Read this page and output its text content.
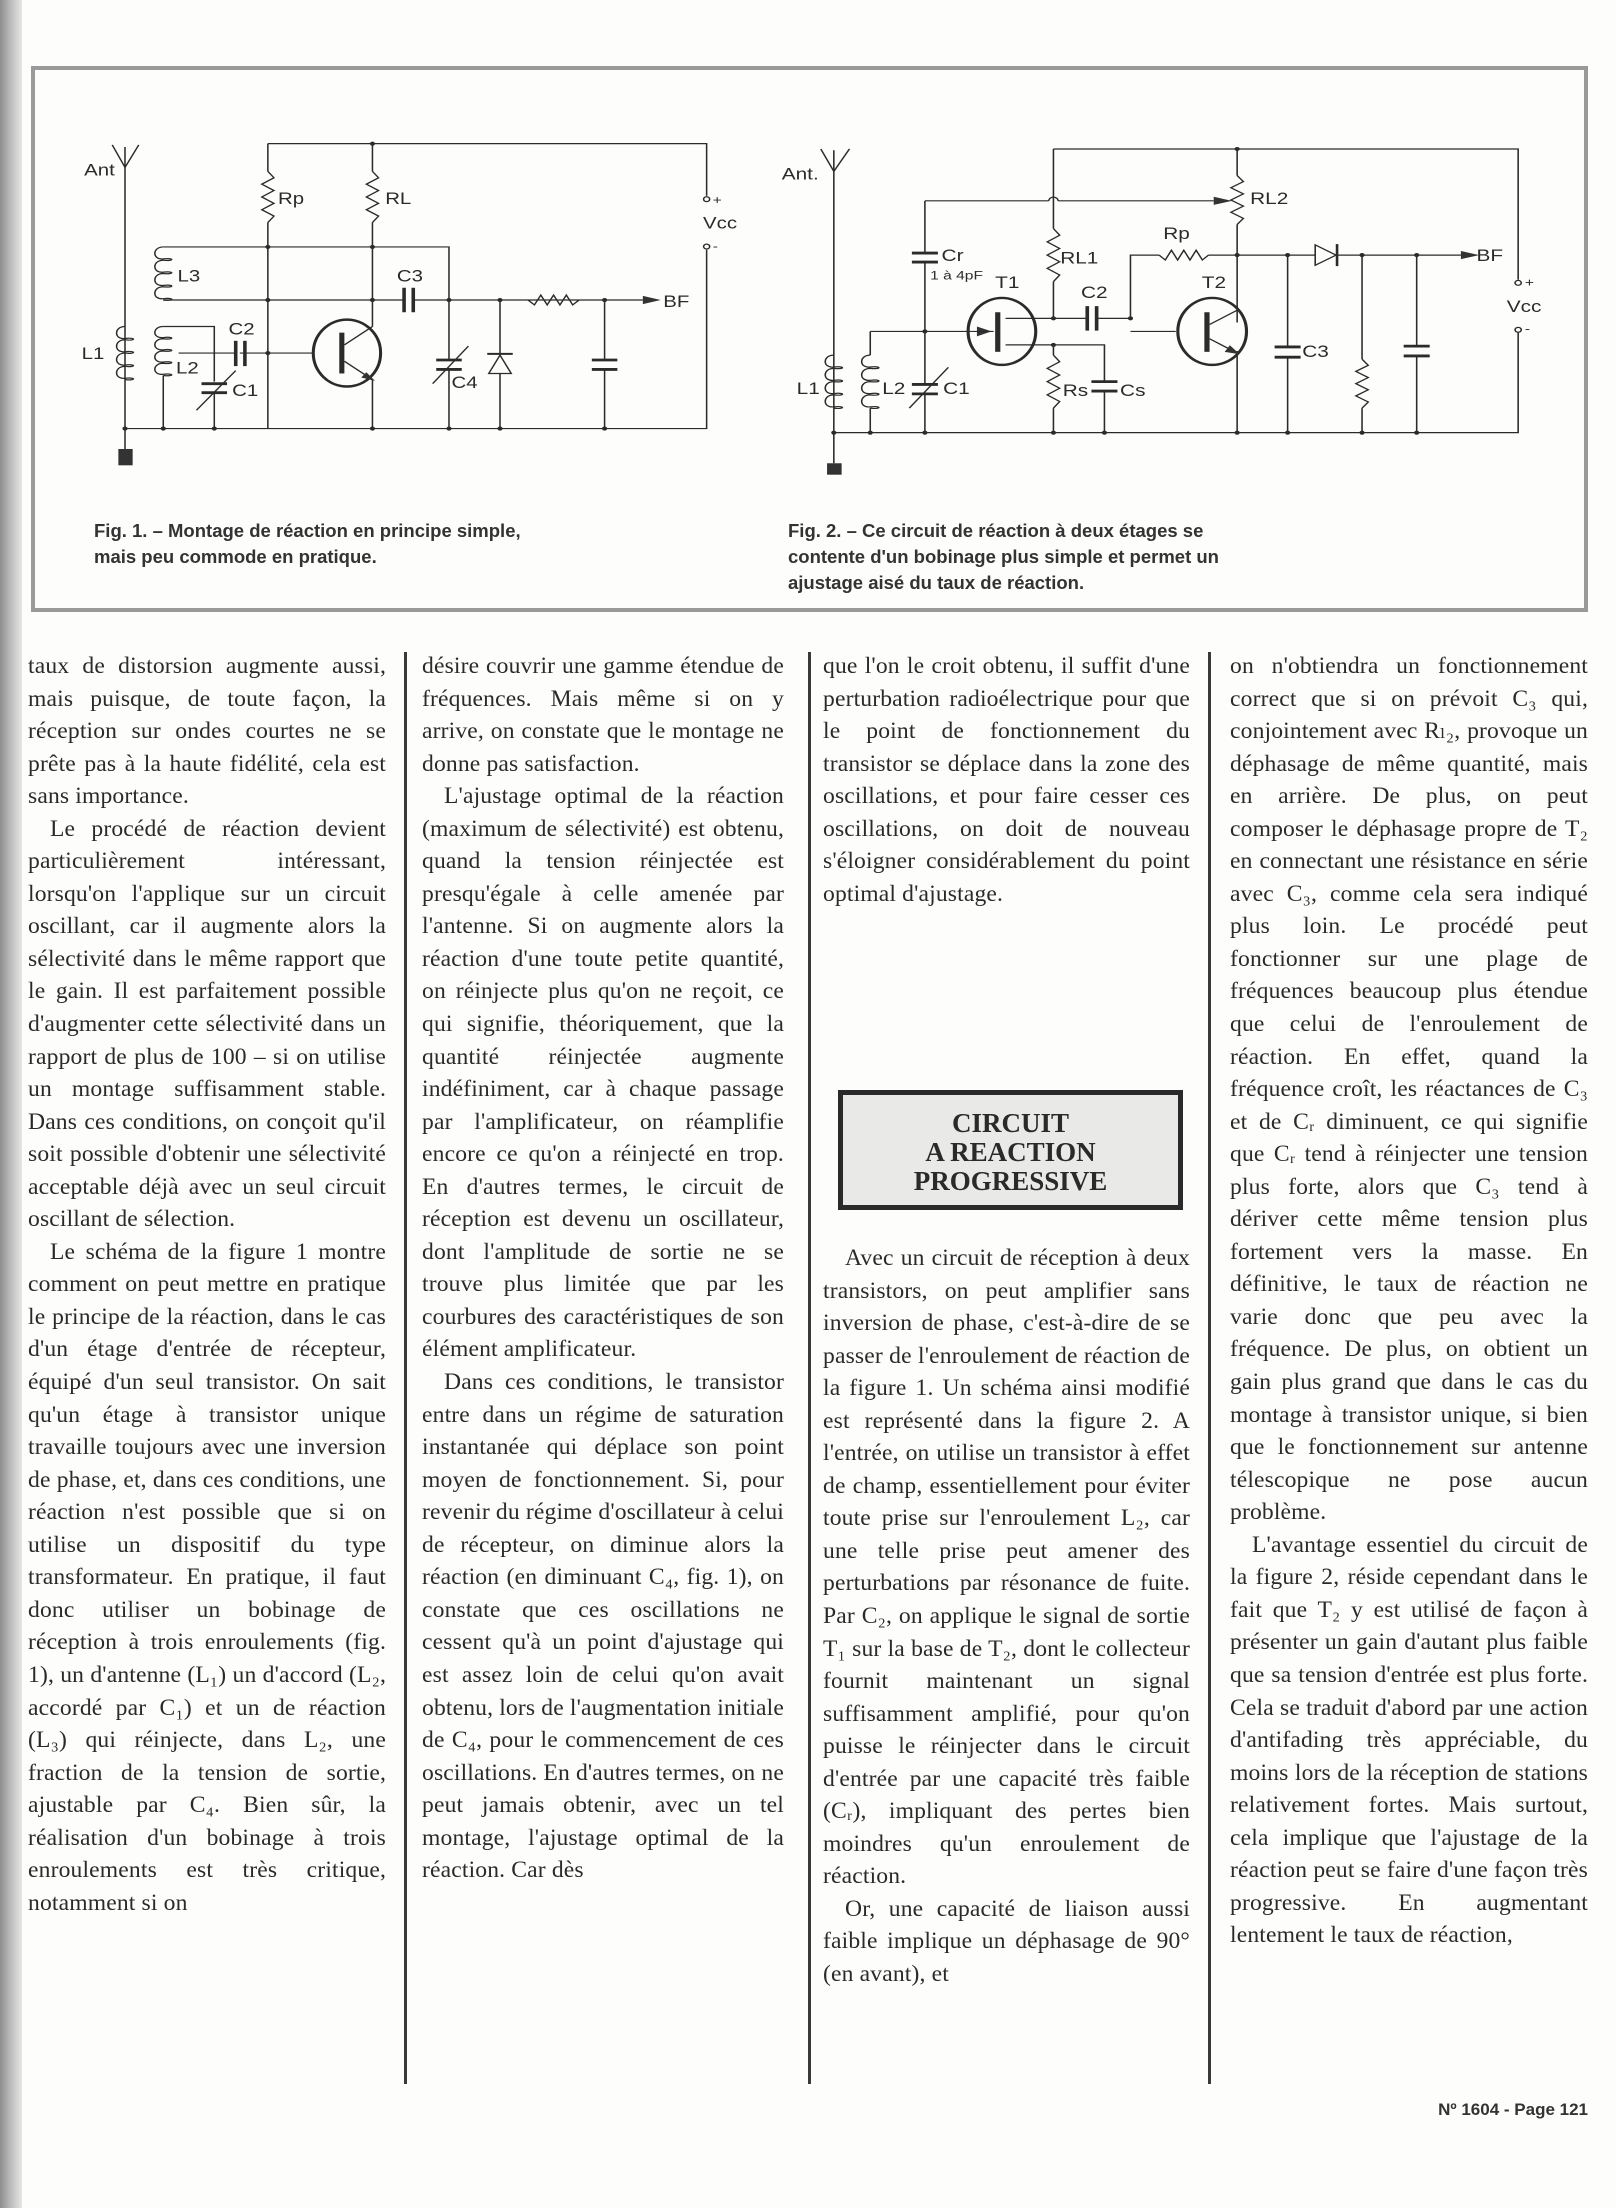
Ant
Rp RL	+
Vcc
-
L3	C3
BF
C2
L1
L2
C1	C4
Ant.
RL2
Rp
Cr
1 à 4pF
RL1
T1
C2
T2
BF
+
Vcc
-
C3
L1 L2 C1 Rs Cs
Fig. 1. – Montage de réaction en principe simple,
mais peu commode en pratique.
Fig. 2. – Ce circuit de réaction à deux étages se
contente d'un bobinage plus simple et permet un
ajustage aisé du taux de réaction.

taux de distorsion augmente aussi, mais puisque, de toute façon, la réception sur ondes courtes ne se prête pas à la haute fidélité, cela est sans importance.

Le procédé de réaction devient particulièrement intéressant, lorsqu'on l'applique sur un circuit oscillant, car il augmente alors la sélectivité dans le même rapport que le gain. Il est parfaitement possible d'augmenter cette sélectivité dans un rapport de plus de 100 – si on utilise un montage suffisamment stable. Dans ces conditions, on conçoit qu'il soit possible d'obtenir une sélectivité acceptable déjà avec un seul circuit oscillant de sélection.

Le schéma de la figure 1 montre comment on peut mettre en pratique le principe de la réaction, dans le cas d'un étage d'entrée de récepteur, équipé d'un seul transistor. On sait qu'un étage à transistor unique travaille toujours avec une inversion de phase, et, dans ces conditions, une réaction n'est possible que si on utilise un dispositif du type transformateur. En pratique, il faut donc utiliser un bobinage de réception à trois enroulements (fig. 1), un d'antenne (L₁) un d'accord (L₂, accordé par C₁) et un de réaction (L₃) qui réinjecte, dans L₂, une fraction de la tension de sortie, ajustable par C₄. Bien sûr, la réalisation d'un bobinage à trois enroulements est très critique, notamment si on

désire couvrir une gamme étendue de fréquences. Mais même si on y arrive, on constate que le montage ne donne pas satisfaction.

L'ajustage optimal de la réaction (maximum de sélectivité) est obtenu, quand la tension réinjectée est presqu'égale à celle amenée par l'antenne. Si on augmente alors la réaction d'une toute petite quantité, on réinjecte plus qu'on ne reçoit, ce qui signifie, théoriquement, que la quantité réinjectée augmente indéfiniment, car à chaque passage par l'amplificateur, on réamplifie encore ce qu'on a réinjecté en trop. En d'autres termes, le circuit de réception est devenu un oscillateur, dont l'amplitude de sortie ne se trouve plus limitée que par les courbures des caractéristiques de son élément amplificateur.

Dans ces conditions, le transistor entre dans un régime de saturation instantanée qui déplace son point moyen de fonctionnement. Si, pour revenir du régime d'oscillateur à celui de récepteur, on diminue alors la réaction (en diminuant C₄, fig. 1), on constate que ces oscillations ne cessent qu'à un point d'ajustage qui est assez loin de celui qu'on avait obtenu, lors de l'augmentation initiale de C₄, pour le commencement de ces oscillations. En d'autres termes, on ne peut jamais obtenir, avec un tel montage, l'ajustage optimal de la réaction. Car dès

que l'on le croit obtenu, il suffit d'une perturbation radioélectrique pour que le point de fonctionnement du transistor se déplace dans la zone des oscillations, et pour faire cesser ces oscillations, on doit de nouveau s'éloigner considérablement du point optimal d'ajustage.

CIRCUIT
A REACTION
PROGRESSIVE

Avec un circuit de réception à deux transistors, on peut amplifier sans inversion de phase, c'est-à-dire de se passer de l'enroulement de réaction de la figure 1. Un schéma ainsi modifié est représenté dans la figure 2. A l'entrée, on utilise un transistor à effet de champ, essentiellement pour éviter toute prise sur l'enroulement L₂, car une telle prise peut amener des perturbations par résonance de fuite. Par C₂, on applique le signal de sortie T₁ sur la base de T₂, dont le collecteur fournit maintenant un signal suffisamment amplifié, pour qu'on puisse le réinjecter dans le circuit d'entrée par une capacité très faible (Cᵣ), impliquant des pertes bien moindres qu'un enroulement de réaction.

Or, une capacité de liaison aussi faible implique un déphasage de 90° (en avant), et

on n'obtiendra un fonctionnement correct que si on prévoit C₃ qui, conjointement avec Rₗ₂, provoque un déphasage de même quantité, mais en arrière. De plus, on peut composer le déphasage propre de T₂ en connectant une résistance en série avec C₃, comme cela sera indiqué plus loin. Le procédé peut fonctionner sur une plage de fréquences beaucoup plus étendue que celui de l'enroulement de réaction. En effet, quand la fréquence croît, les réactances de C₃ et de Cᵣ diminuent, ce qui signifie que Cᵣ tend à réinjecter une tension plus forte, alors que C₃ tend à dériver cette même tension plus fortement vers la masse. En définitive, le taux de réaction ne varie donc que peu avec la fréquence. De plus, on obtient un gain plus grand que dans le cas du montage à transistor unique, si bien que le fonctionnement sur antenne télescopique ne pose aucun problème.

L'avantage essentiel du circuit de la figure 2, réside cependant dans le fait que T₂ y est utilisé de façon à présenter un gain d'autant plus faible que sa tension d'entrée est plus forte. Cela se traduit d'abord par une action d'antifading très appréciable, du moins lors de la réception de stations relativement fortes. Mais surtout, cela implique que l'ajustage de la réaction peut se faire d'une façon très progressive. En augmentant lentement le taux de réaction,

Nº 1604 - Page 121
